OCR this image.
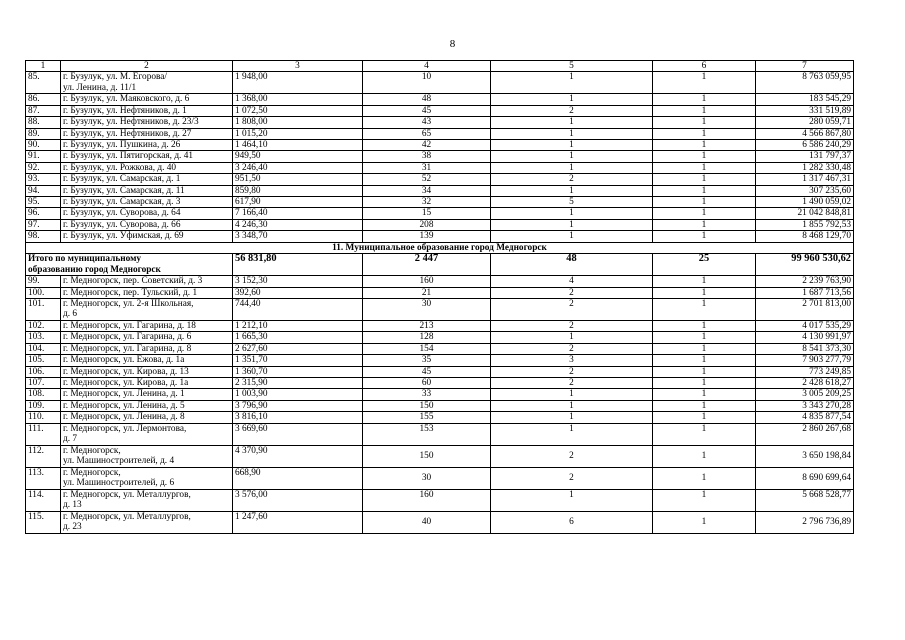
8
1	2	3	4	5	6	7
85.	г. Бузулук, ул. М. Егорова/
ул. Ленина, д. 11/1	1 948,00	10	1	1	8 763 059,95
86.	г. Бузулук, ул. Маяковского, д. 6	1 368,00	48	1	1	183 545,29
87.	г. Бузулук, ул. Нефтяников, д. 1	1 072,50	45	2	1	331 519,89
88.	г. Бузулук, ул. Нефтяников, д. 23/3	1 808,00	43	1	1	280 059,71
89.	г. Бузулук, ул. Нефтяников, д. 27	1 015,20	65	1	1	4 566 867,80
90.	г. Бузулук, ул. Пушкина, д. 26	1 464,10	42	1	1	6 586 240,29
91.	г. Бузулук, ул. Пятигорская, д. 41	949,50	38	1	1	131 797,37
92.	г. Бузулук, ул. Рожкова, д. 40	3 246,40	31	1	1	1 282 330,48
93.	г. Бузулук, ул. Самарская, д. 1	951,50	52	2	1	1 317 467,31
94.	г. Бузулук, ул. Самарская, д. 11	859,80	34	1	1	307 235,60
95.	г. Бузулук, ул. Самарская, д. 3	617,90	32	5	1	1 490 059,02
96.	г. Бузулук, ул. Суворова, д. 64	7 166,40	15	1	1	21 042 848,81
97.	г. Бузулук, ул. Суворова, д. 66	4 246,30	208	1	1	1 855 792,53
98.	г. Бузулук, ул. Уфимская, д. 69	3 348,70	139	1	1	8 468 129,70
11. Муниципальное образование город Медногорск						
Итого по муниципальному
образованию город Медногорск		56 831,80	2 447	48	25	99 960 530,62
99.	г. Медногорск, пер. Советский, д. 3	3 152,30	160	4	1	2 239 763,90
100.	г. Медногорск, пер. Тульский, д. 1	392,60	21	2	1	1 687 713,56
101.	г. Медногорск, ул. 2-я Школьная,
д. 6	744,40	30	2	1	2 701 813,00
102.	г. Медногорск, ул. Гагарина, д. 18	1 212,10	213	2	1	4 017 535,29
103.	г. Медногорск, ул. Гагарина, д. 6	1 665,30	128	1	1	4 130 991,97
104.	г. Медногорск, ул. Гагарина, д. 8	2 627,60	154	2	1	8 541 373,30
105.	г. Медногорск, ул. Ежова, д. 1а	1 351,70	35	3	1	7 903 277,79
106.	г. Медногорск, ул. Кирова, д. 13	1 360,70	45	2	1	773 249,85
107.	г. Медногорск, ул. Кирова, д. 1а	2 315,90	60	2	1	2 428 618,27
108.	г. Медногорск, ул. Ленина, д. 1	1 003,90	33	1	1	3 005 209,25
109.	г. Медногорск, ул. Ленина, д. 5	3 796,90	150	1	1	3 343 270,28
110.	г. Медногорск, ул. Ленина, д. 8	3 816,10	155	1	1	4 835 877,54
111.	г. Медногорск, ул. Лермонтова,
д. 7	3 669,60	153	1	1	2 860 267,68
112.	г. Медногорск,
ул. Машиностроителей, д. 4	4 370,90	150	2	1	3 650 198,84
113.	г. Медногорск,
ул. Машиностроителей, д. 6	668,90	30	2	1	8 690 699,64
114.	г. Медногорск, ул. Металлургов,
д. 13	3 576,00	160	1	1	5 668 528,77
115.	г. Медногорск, ул. Металлургов,
д. 23	1 247,60	40	6	1	2 796 736,89
